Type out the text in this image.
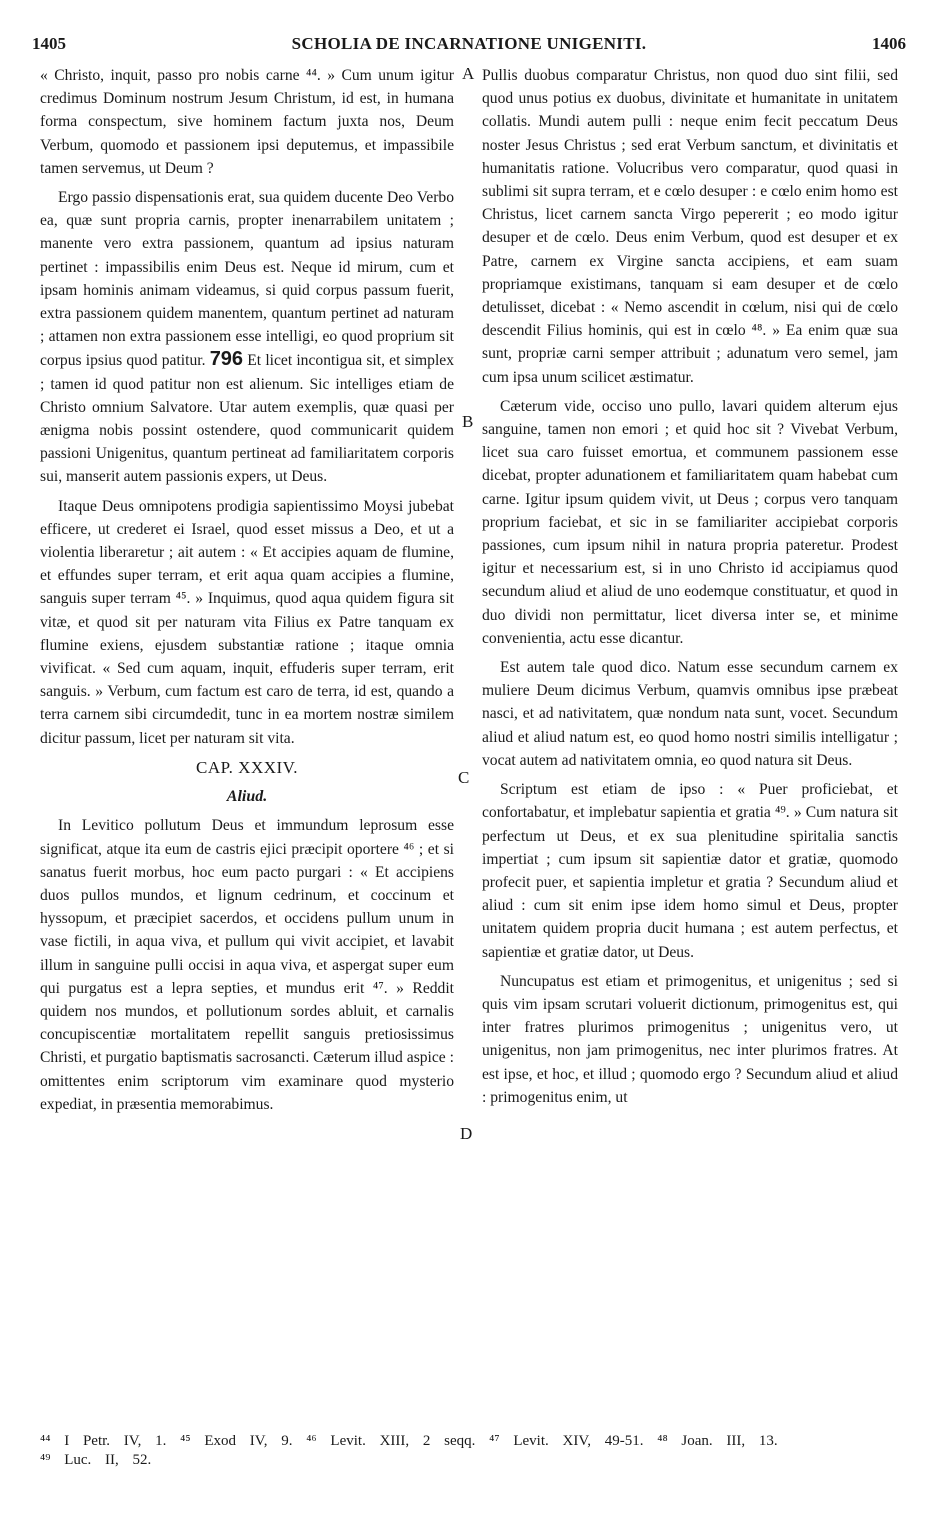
1405	SCHOLIA DE INCARNATIONE UNIGENITI.	1406
A
B
C
D

« Christo, inquit, passo pro nobis carne ⁴⁴. » Cum unum igitur credimus Dominum nostrum Jesum Christum, id est, in humana forma conspectum, sive hominem factum juxta nos, Deum Verbum, quomodo et passionem ipsi deputemus, et impassibile tamen servemus, ut Deum ?

Ergo passio dispensationis erat, sua quidem ducente Deo Verbo ea, quæ sunt propria carnis, propter inenarrabilem unitatem ; manente vero extra passionem, quantum ad ipsius naturam pertinet : impassibilis enim Deus est. Neque id mirum, cum et ipsam hominis animam videamus, si quid corpus passum fuerit, extra passionem quidem manentem, quantum pertinet ad naturam ; attamen non extra passionem esse intelligi, eo quod proprium sit corpus ipsius quod patitur. 796 Et licet incontigua sit, et simplex ; tamen id quod patitur non est alienum. Sic intelliges etiam de Christo omnium Salvatore. Utar autem exemplis, quæ quasi per ænigma nobis possint ostendere, quod communicarit quidem passioni Unigenitus, quantum pertineat ad familiaritatem corporis sui, manserit autem passionis expers, ut Deus.

Itaque Deus omnipotens prodigia sapientissimo Moysi jubebat efficere, ut crederet ei Israel, quod esset missus a Deo, et ut a violentia liberaretur ; ait autem : « Et accipies aquam de flumine, et effundes super terram, et erit aqua quam accipies a flumine, sanguis super terram ⁴⁵. » Inquimus, quod aqua quidem figura sit vitæ, et quod sit per naturam vita Filius ex Patre tanquam ex flumine exiens, ejusdem substantiæ ratione ; itaque omnia vivificat. « Sed cum aquam, inquit, effuderis super terram, erit sanguis. » Verbum, cum factum est caro de terra, id est, quando a terra carnem sibi circumdedit, tunc in ea mortem nostræ similem dicitur passum, licet per naturam sit vita.

CAP. XXXIV.

Aliud.

In Levitico pollutum Deus et immundum leprosum esse significat, atque ita eum de castris ejici præcipit oportere ⁴⁶ ; et si sanatus fuerit morbus, hoc eum pacto purgari : « Et accipiens duos pullos mundos, et lignum cedrinum, et coccinum et hyssopum, et præcipiet sacerdos, et occidens pullum unum in vase fictili, in aqua viva, et pullum qui vivit accipiet, et lavabit illum in sanguine pulli occisi in aqua viva, et aspergat super eum qui purgatus est a lepra septies, et mundus erit ⁴⁷. » Reddit quidem nos mundos, et pollutionum sordes abluit, et carnalis concupiscentiæ mortalitatem repellit sanguis pretiosissimus Christi, et purgatio baptismatis sacrosancti. Cæterum illud aspice : omittentes enim scriptorum vim examinare quod mysterio expediat, in præsentia memorabimus.

Pullis duobus comparatur Christus, non quod duo sint filii, sed quod unus potius ex duobus, divinitate et humanitate in unitatem collatis. Mundi autem pulli : neque enim fecit peccatum Deus noster Jesus Christus ; sed erat Verbum sanctum, et divinitatis et humanitatis ratione. Volucribus vero comparatur, quod quasi in sublimi sit supra terram, et e cœlo desuper : e cœlo enim homo est Christus, licet carnem sancta Virgo pepererit ; eo modo igitur desuper et de cœlo. Deus enim Verbum, quod est desuper et ex Patre, carnem ex Virgine sancta accipiens, et eam suam propriamque existimans, tanquam si eam desuper et de cœlo detulisset, dicebat : « Nemo ascendit in cœlum, nisi qui de cœlo descendit Filius hominis, qui est in cœlo ⁴⁸. » Ea enim quæ sua sunt, propriæ carni semper attribuit ; adunatum vero semel, jam cum ipsa unum scilicet æstimatur.

Cæterum vide, occiso uno pullo, lavari quidem alterum ejus sanguine, tamen non emori ; et quid hoc sit ? Vivebat Verbum, licet sua caro fuisset emortua, et communem passionem esse dicebat, propter adunationem et familiaritatem quam habebat cum carne. Igitur ipsum quidem vivit, ut Deus ; corpus vero tanquam proprium faciebat, et sic in se familiariter accipiebat corporis passiones, cum ipsum nihil in natura propria pateretur. Prodest igitur et necessarium est, si in uno Christo id accipiamus quod secundum aliud et aliud de uno eodemque constituatur, et quod in duo dividi non permittatur, licet diversa inter se, et minime convenientia, actu esse dicantur.

Est autem tale quod dico. Natum esse secundum carnem ex muliere Deum dicimus Verbum, quamvis omnibus ipse præbeat nasci, et ad nativitatem, quæ nondum nata sunt, vocet. Secundum aliud et aliud natum est, eo quod homo nostri similis intelligatur ; vocat autem ad nativitatem omnia, eo quod natura sit Deus.

Scriptum est etiam de ipso : « Puer proficiebat, et confortabatur, et implebatur sapientia et gratia ⁴⁹. » Cum natura sit perfectum ut Deus, et ex sua plenitudine spiritalia sanctis impertiat ; cum ipsum sit sapientiæ dator et gratiæ, quomodo profecit puer, et sapientia impletur et gratia ? Secundum aliud et aliud : cum sit enim ipse idem homo simul et Deus, propter unitatem quidem propria ducit humana ; est autem perfectus, et sapientiæ et gratiæ dator, ut Deus.

Nuncupatus est etiam et primogenitus, et unigenitus ; sed si quis vim ipsam scrutari voluerit dictionum, primogenitus est, qui inter fratres plurimos primogenitus ; unigenitus vero, ut unigenitus, non jam primogenitus, nec inter plurimos fratres. At est ipse, et hoc, et illud ; quomodo ergo ? Secundum aliud et aliud : primogenitus enim, ut

⁴⁴ I Petr. IV, 1. ⁴⁵ Exod IV, 9. ⁴⁶ Levit. XIII, 2 seqq. ⁴⁷ Levit. XIV, 49-51. ⁴⁸ Joan. III, 13.
⁴⁹ Luc. II, 52.
